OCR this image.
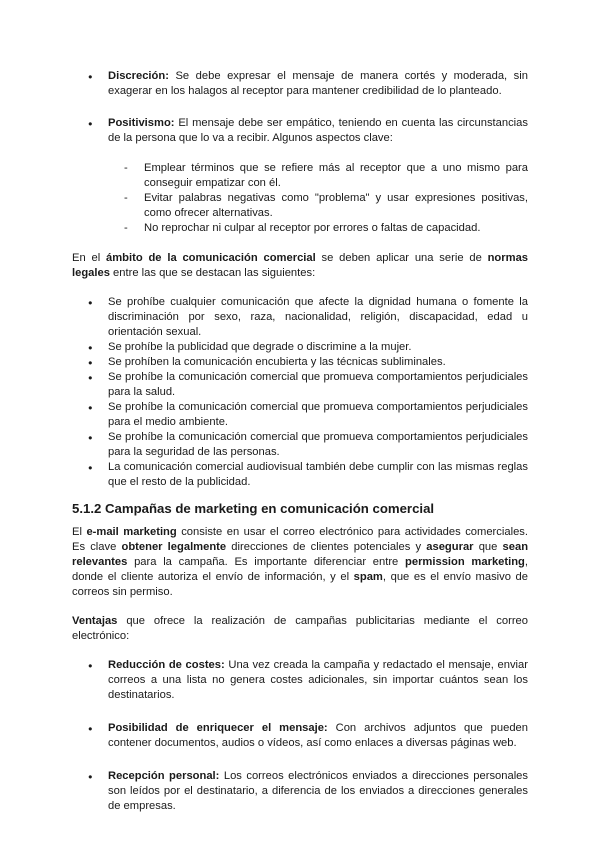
● Discreción: Se debe expresar el mensaje de manera cortés y moderada, sin exagerar en los halagos al receptor para mantener credibilidad de lo planteado.
● Positivismo: El mensaje debe ser empático, teniendo en cuenta las circunstancias de la persona que lo va a recibir. Algunos aspectos clave:
- Emplear términos que se refiere más al receptor que a uno mismo para conseguir empatizar con él.
- Evitar palabras negativas como "problema" y usar expresiones positivas, como ofrecer alternativas.
- No reprochar ni culpar al receptor por errores o faltas de capacidad.

En el ámbito de la comunicación comercial se deben aplicar una serie de normas legales entre las que se destacan las siguientes:

● Se prohíbe cualquier comunicación que afecte la dignidad humana o fomente la discriminación por sexo, raza, nacionalidad, religión, discapacidad, edad u orientación sexual.
● Se prohíbe la publicidad que degrade o discrimine a la mujer.
● Se prohíben la comunicación encubierta y las técnicas subliminales.
● Se prohíbe la comunicación comercial que promueva comportamientos perjudiciales para la salud.
● Se prohíbe la comunicación comercial que promueva comportamientos perjudiciales para el medio ambiente.
● Se prohíbe la comunicación comercial que promueva comportamientos perjudiciales para la seguridad de las personas.
● La comunicación comercial audiovisual también debe cumplir con las mismas reglas que el resto de la publicidad.
5.1.2 Campañas de marketing en comunicación comercial

El e-mail marketing consiste en usar el correo electrónico para actividades comerciales. Es clave obtener legalmente direcciones de clientes potenciales y asegurar que sean relevantes para la campaña. Es importante diferenciar entre permission marketing, donde el cliente autoriza el envío de información, y el spam, que es el envío masivo de correos sin permiso.

Ventajas que ofrece la realización de campañas publicitarias mediante el correo electrónico:

● Reducción de costes: Una vez creada la campaña y redactado el mensaje, enviar correos a una lista no genera costes adicionales, sin importar cuántos sean los destinatarios.
● Posibilidad de enriquecer el mensaje: Con archivos adjuntos que pueden contener documentos, audios o vídeos, así como enlaces a diversas páginas web.
● Recepción personal: Los correos electrónicos enviados a direcciones personales son leídos por el destinatario, a diferencia de los enviados a direcciones generales de empresas.
